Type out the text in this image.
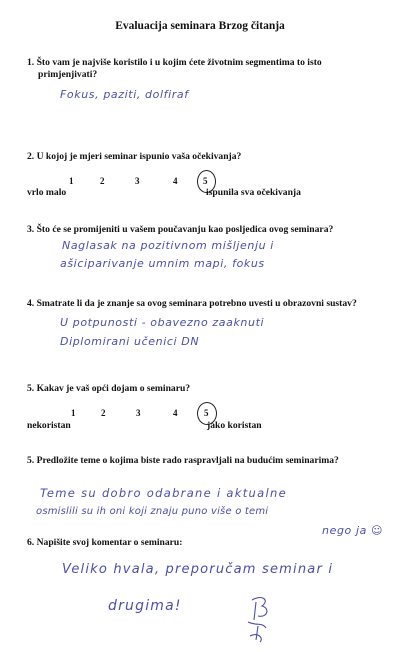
Evaluacija seminara Brzog čitanja
1. Što vam je najviše koristilo i u kojim ćete životnim segmentima to isto
primjenjivati?
Fokus, paziti, dolfiraf
2. U kojoj je mjeri seminar ispunio vaša očekivanja?
1	2	3	4	5
vrlo malo	ispunila sva očekivanja
3. Što će se promijeniti u vašem poučavanju kao posljedica ovog seminara?
Naglasak na pozitivnom mišljenju i
ašiciparivanje umnim mapi, fokus
4. Smatrate li da je znanje sa ovog seminara potrebno uvesti u obrazovni sustav?
U potpunosti - obavezno zaaknuti
Diplomirani učenici DN
5. Kakav je vaš opći dojam o seminaru?
1	2	3	4	5
nekoristan	jako koristan
5. Predložite teme o kojima biste rado raspravljali na budućim seminarima?
Teme su dobro odabrane i aktualne
osmislili su ih oni koji znaju puno više o temi
nego ja ☺
6. Napišite svoj komentar o seminaru:
Veliko hvala, preporučam seminar i
drugima!
